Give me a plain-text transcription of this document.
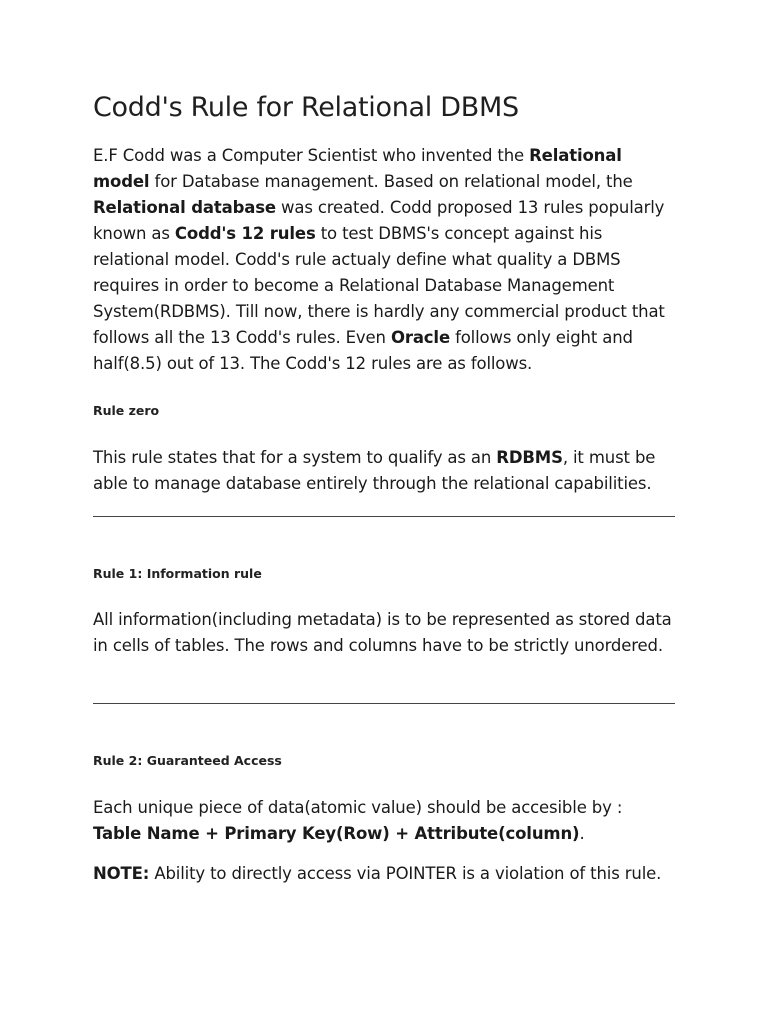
Codd's Rule for Relational DBMS

E.F Codd was a Computer Scientist who invented the Relational model for Database management. Based on relational model, the Relational database was created. Codd proposed 13 rules popularly known as Codd's 12 rules to test DBMS's concept against his relational model. Codd's rule actualy define what quality a DBMS requires in order to become a Relational Database Management System(RDBMS). Till now, there is hardly any commercial product that follows all the 13 Codd's rules. Even Oracle follows only eight and half(8.5) out of 13. The Codd's 12 rules are as follows.

Rule zero

This rule states that for a system to qualify as an RDBMS, it must be able to manage database entirely through the relational capabilities.

Rule 1: Information rule

All information(including metadata) is to be represented as stored data in cells of tables. The rows and columns have to be strictly unordered.

Rule 2: Guaranteed Access

Each unique piece of data(atomic value) should be accesible by : Table Name + Primary Key(Row) + Attribute(column).

NOTE: Ability to directly access via POINTER is a violation of this rule.
